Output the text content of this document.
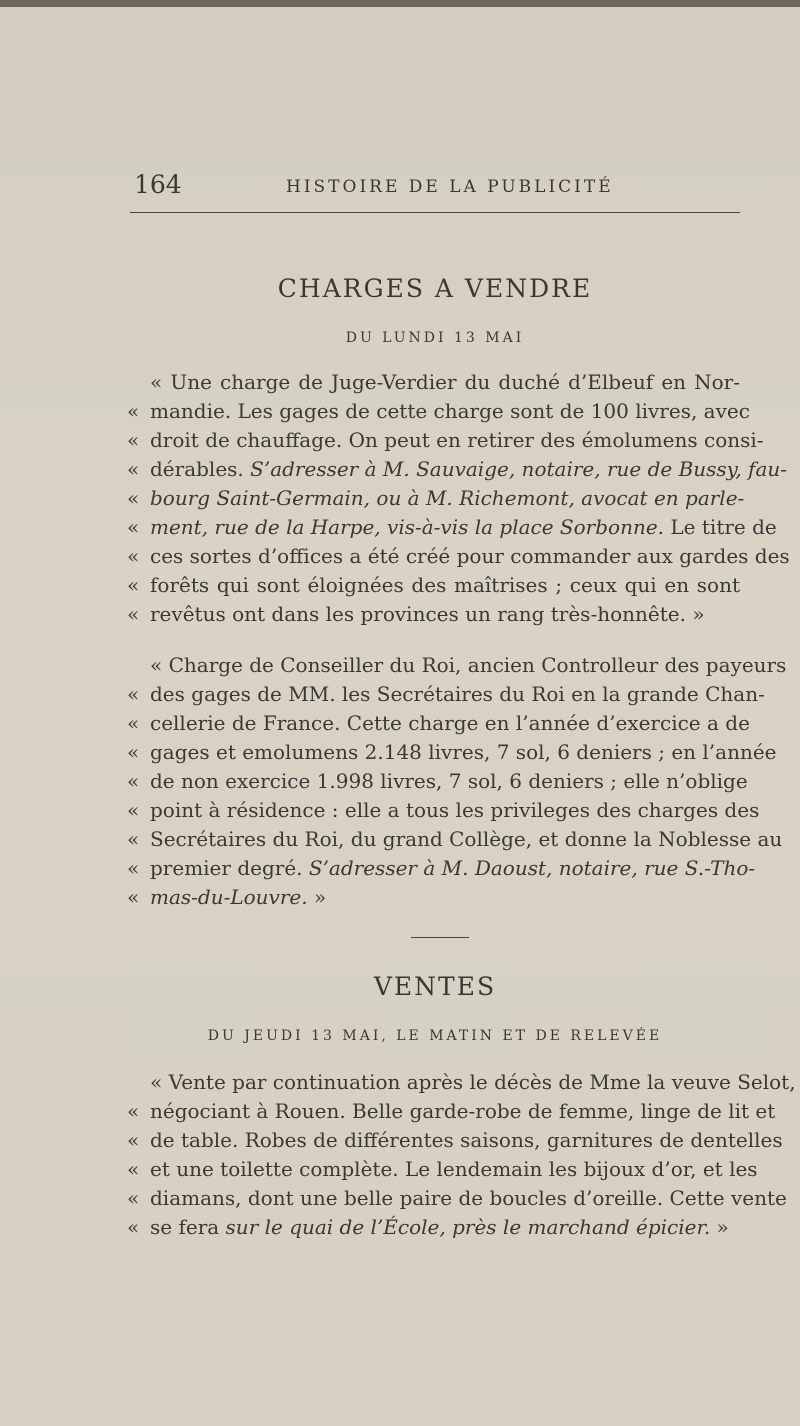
164	HISTOIRE DE LA PUBLICITÉ
CHARGES A VENDRE
DU LUNDI 13 MAI
« Une charge de Juge-Verdier du duché d’Elbeuf en Nor-
« mandie. Les gages de cette charge sont de 100 livres, avec
« droit de chauffage. On peut en retirer des émolumens consi-
« dérables. S’adresser à M. Sauvaige, notaire, rue de Bussy, fau-
« bourg Saint-Germain, ou à M. Richemont, avocat en parle-
« ment, rue de la Harpe, vis-à-vis la place Sorbonne. Le titre de
« ces sortes d’offices a été créé pour commander aux gardes des
« forêts qui sont éloignées des maîtrises ; ceux qui en sont
« revêtus ont dans les provinces un rang très-honnête. »
« Charge de Conseiller du Roi, ancien Controlleur des payeurs
« des gages de MM. les Secrétaires du Roi en la grande Chan-
« cellerie de France. Cette charge en l’année d’exercice a de
« gages et emolumens 2.148 livres, 7 sol, 6 deniers ; en l’année
« de non exercice 1.998 livres, 7 sol, 6 deniers ; elle n’oblige
« point à résidence : elle a tous les privileges des charges des
« Secrétaires du Roi, du grand Collège, et donne la Noblesse au
« premier degré. S’adresser à M. Daoust, notaire, rue S.-Tho-
« mas-du-Louvre. »
VENTES
DU JEUDI 13 MAI, LE MATIN ET DE RELEVÉE
« Vente par continuation après le décès de Mme la veuve Selot,
« négociant à Rouen. Belle garde-robe de femme, linge de lit et
« de table. Robes de différentes saisons, garnitures de dentelles
« et une toilette complète. Le lendemain les bijoux d’or, et les
« diamans, dont une belle paire de boucles d’oreille. Cette vente
« se fera sur le quai de l’École, près le marchand épicier. »
